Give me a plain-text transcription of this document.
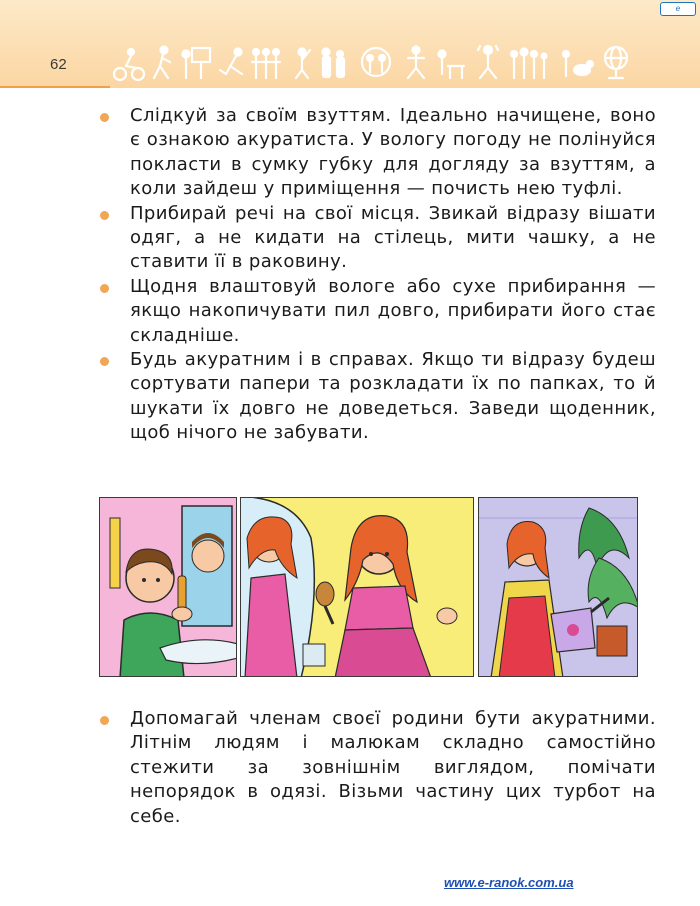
62
e

Слідкуй за своїм взуттям. Ідеально начищене, воно є ознакою акуратиста. У вологу погоду не полінуйся покласти в сумку губку для догляду за взуттям, а коли зайдеш у приміщення — почисть нею туфлі.

Прибирай речі на свої місця. Звикай відразу вішати одяг, а не кидати на стілець, мити чашку, а не ставити її в раковину.

Щодня влаштовуй вологе або сухе прибирання — якщо накопичувати пил довго, прибирати його стає складніше.

Будь акуратним і в справах. Якщо ти відразу будеш сортувати папери та розкладати їх по папках, то й шукати їх довго не доведеться. Заведи щоденник, щоб нічого не забувати.

Допомагай членам своєї родини бути акуратними. Літнім людям і малюкам складно самостійно стежити за зовнішнім виглядом, помічати непорядок в одязі. Візьми частину цих турбот на себе.

www.e-ranok.com.ua
